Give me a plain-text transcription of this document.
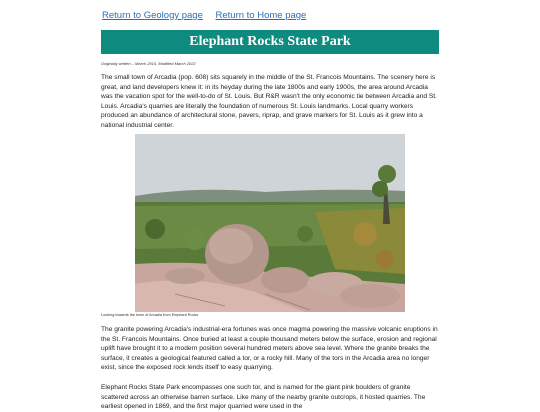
Return to Geology page Return to Home page
Elephant Rocks State Park
Originally written – March 2015, Modified March 2022
The small town of Arcadia (pop. 608) sits squarely in the middle of the St. Francois Mountains. The scenery here is great, and land developers knew it: in its heyday during the late 1800s and early 1900s, the area around Arcadia was the vacation spot for the well-to-do of St. Louis. But R&R wasn't the only economic tie between Arcadia and St. Louis. Arcadia's quarries are literally the foundation of numerous St. Louis landmarks. Local quarry workers produced an abundance of architectural stone, pavers, riprap, and grave markers for St. Louis as it grew into a national industrial center.
Looking towards the town of Arcadia from Elephant Rocks
The granite powering Arcadia's industrial-era fortunes was once magma powering the massive volcanic eruptions in the St. Francois Mountains. Once buried at least a couple thousand meters below the surface, erosion and regional uplift have brought it to a modern position several hundred meters above sea level. Where the granite breaks the surface, it creates a geological featured called a tor, or a rocky hill. Many of the tors in the Arcadia area no longer exist, since the exposed rock lends itself to easy quarrying.
Elephant Rocks State Park encompasses one such tor, and is named for the giant pink boulders of granite scattered across an otherwise barren surface. Like many of the nearby granite outcrops, it hosted quarries. The earliest opened in 1869, and the first major quarried were used in the
